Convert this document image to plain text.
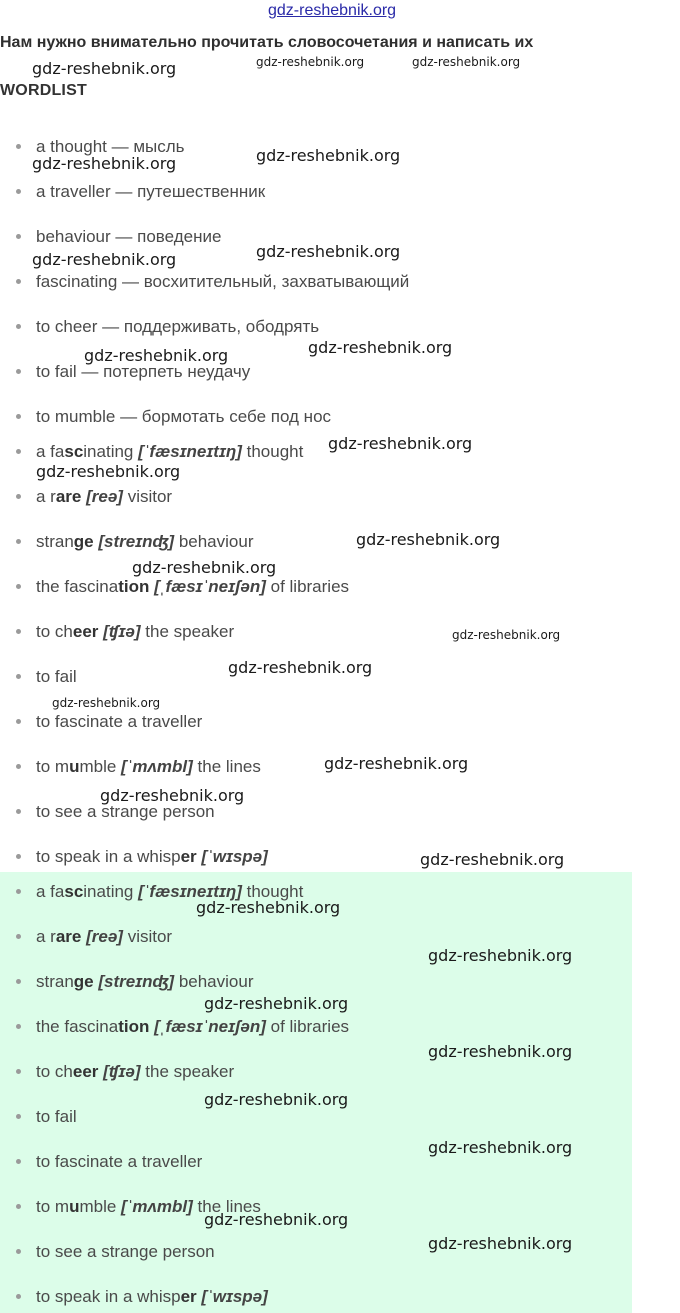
gdz-reshebnik.org
Нам нужно внимательно прочитать словосочетания и написать их
WORDLIST
a thought — мысль
a traveller — путешественник
behaviour — поведение
fascinating — восхитительный, захватывающий
to cheer — поддерживать, ободрять
to fail — потерпеть неудачу
to mumble — бормотать себе под нос
a fascinating [ˈfæsɪneɪtɪŋ] thought
a rare [reə] visitor
strange [streɪnʤ] behaviour
the fascination [ˌfæsɪˈneɪʃən] of libraries
to cheer [ʧɪə] the speaker
to fail
to fascinate a traveller
to mumble [ˈmʌmbl] the lines
to see a strange person
to speak in a whisper [ˈwɪspə]
a fascinating [ˈfæsɪneɪtɪŋ] thought
a rare [reə] visitor
strange [streɪnʤ] behaviour
the fascination [ˌfæsɪˈneɪʃən] of libraries
to cheer [ʧɪə] the speaker
to fail
to fascinate a traveller
to mumble [ˈmʌmbl] the lines
to see a strange person
to speak in a whisper [ˈwɪspə]
gdz-reshebnik.org	gdz-reshebnik.org	gdz-reshebnik.org
gdz-reshebnik.org	gdz-reshebnik.org
gdz-reshebnik.org
gdz-reshebnik.org
gdz-reshebnik.org	gdz-reshebnik.org
gdz-reshebnik.org
gdz-reshebnik.org
gdz-reshebnik.org
gdz-reshebnik.org
gdz-reshebnik.org
gdz-reshebnik.org
gdz-reshebnik.org
gdz-reshebnik.org
gdz-reshebnik.org
gdz-reshebnik.org
gdz-reshebnik.org
gdz-reshebnik.org
gdz-reshebnik.org
gdz-reshebnik.org
gdz-reshebnik.org
gdz-reshebnik.org
gdz-reshebnik.org
gdz-reshebnik.org
